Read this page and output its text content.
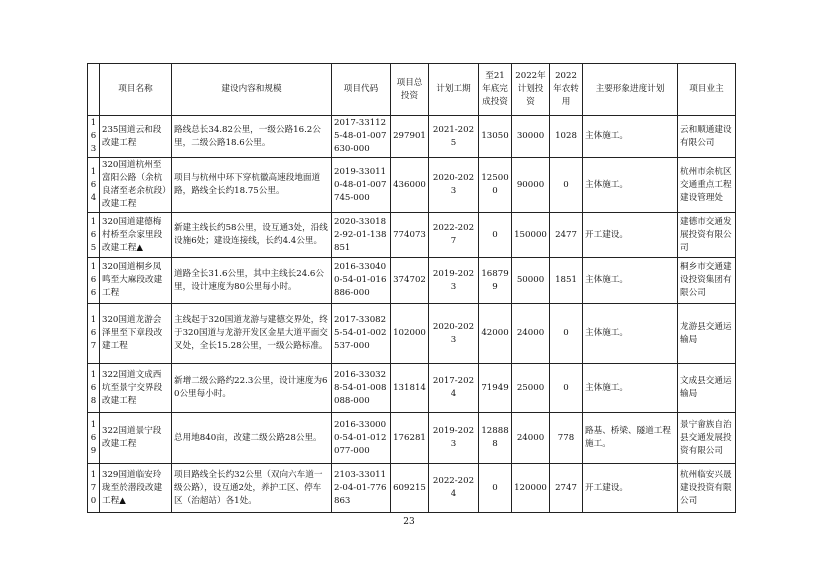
	项目名称	建设内容和规模	项目代码	项目总投资	计划工期	至21年底完成投资	2022年计划投资	2022年农转用	主要形象进度计划	项目业主
163	235国道云和段改建工程	路线总长34.82公里，一级公路16.2公里，二级公路18.6公里。	2017-331125-48-01-007630-000	297901	2021-2025	13050	30000	1028	主体施工。	云和顺通建设有限公司
164	320国道杭州至富阳公路（余杭良渚至老余杭段）改建工程	项目与杭州中环下穿杭徽高速段地面道路，路线全长约18.75公里。	2019-330110-48-01-007745-000	436000	2020-2023	125000	90000	0	主体施工。	杭州市余杭区交通重点工程建设管理处
165	320国道建德梅村桥至佘家里段改建工程▲	新建主线长约58公里，设互通3处，沿线设施6处；建设连接线，长约4.4公里。	2020-330182-92-01-138851	774073	2022-2027	0	150000	2477	开工建设。	建德市交通发展投资有限公司
166	320国道桐乡凤鸣至大麻段改建工程	道路全长31.6公里，其中主线长24.6公里，设计速度为80公里每小时。	2016-330400-54-01-016886-000	374702	2019-2023	168799	50000	1851	主体施工。	桐乡市交通建设投资集团有限公司
167	320国道龙游会泽里至下章段改建工程	主线起于320国道龙游与建德交界处，终于320国道与龙游开发区金星大道平面交叉处，全长15.28公里，一级公路标准。	2017-330825-54-01-002537-000	102000	2020-2023	42000	24000	0	主体施工。	龙游县交通运输局
168	322国道文成西坑至景宁交界段改建工程	新增二级公路约22.3公里，设计速度为60公里每小时。	2016-330328-54-01-008088-000	131814	2017-2024	71949	25000	0	主体施工。	文成县交通运输局
169	322国道景宁段改建工程	总用地840亩，改建二级公路28公里。	2016-330000-54-01-012077-000	176281	2019-2023	128888	24000	778	路基、桥梁、隧道工程施工。	景宁畲族自治县交通发展投资有限公司
170	329国道临安玲珑至於潜段改建工程▲	项目路线全长约32公里（双向六车道一级公路），设互通2处，养护工区、停车区（治超站）各1处。	2103-330112-04-01-776863	609215	2022-2024	0	120000	2747	开工建设。	杭州临安兴晟建设投资有限公司
23
